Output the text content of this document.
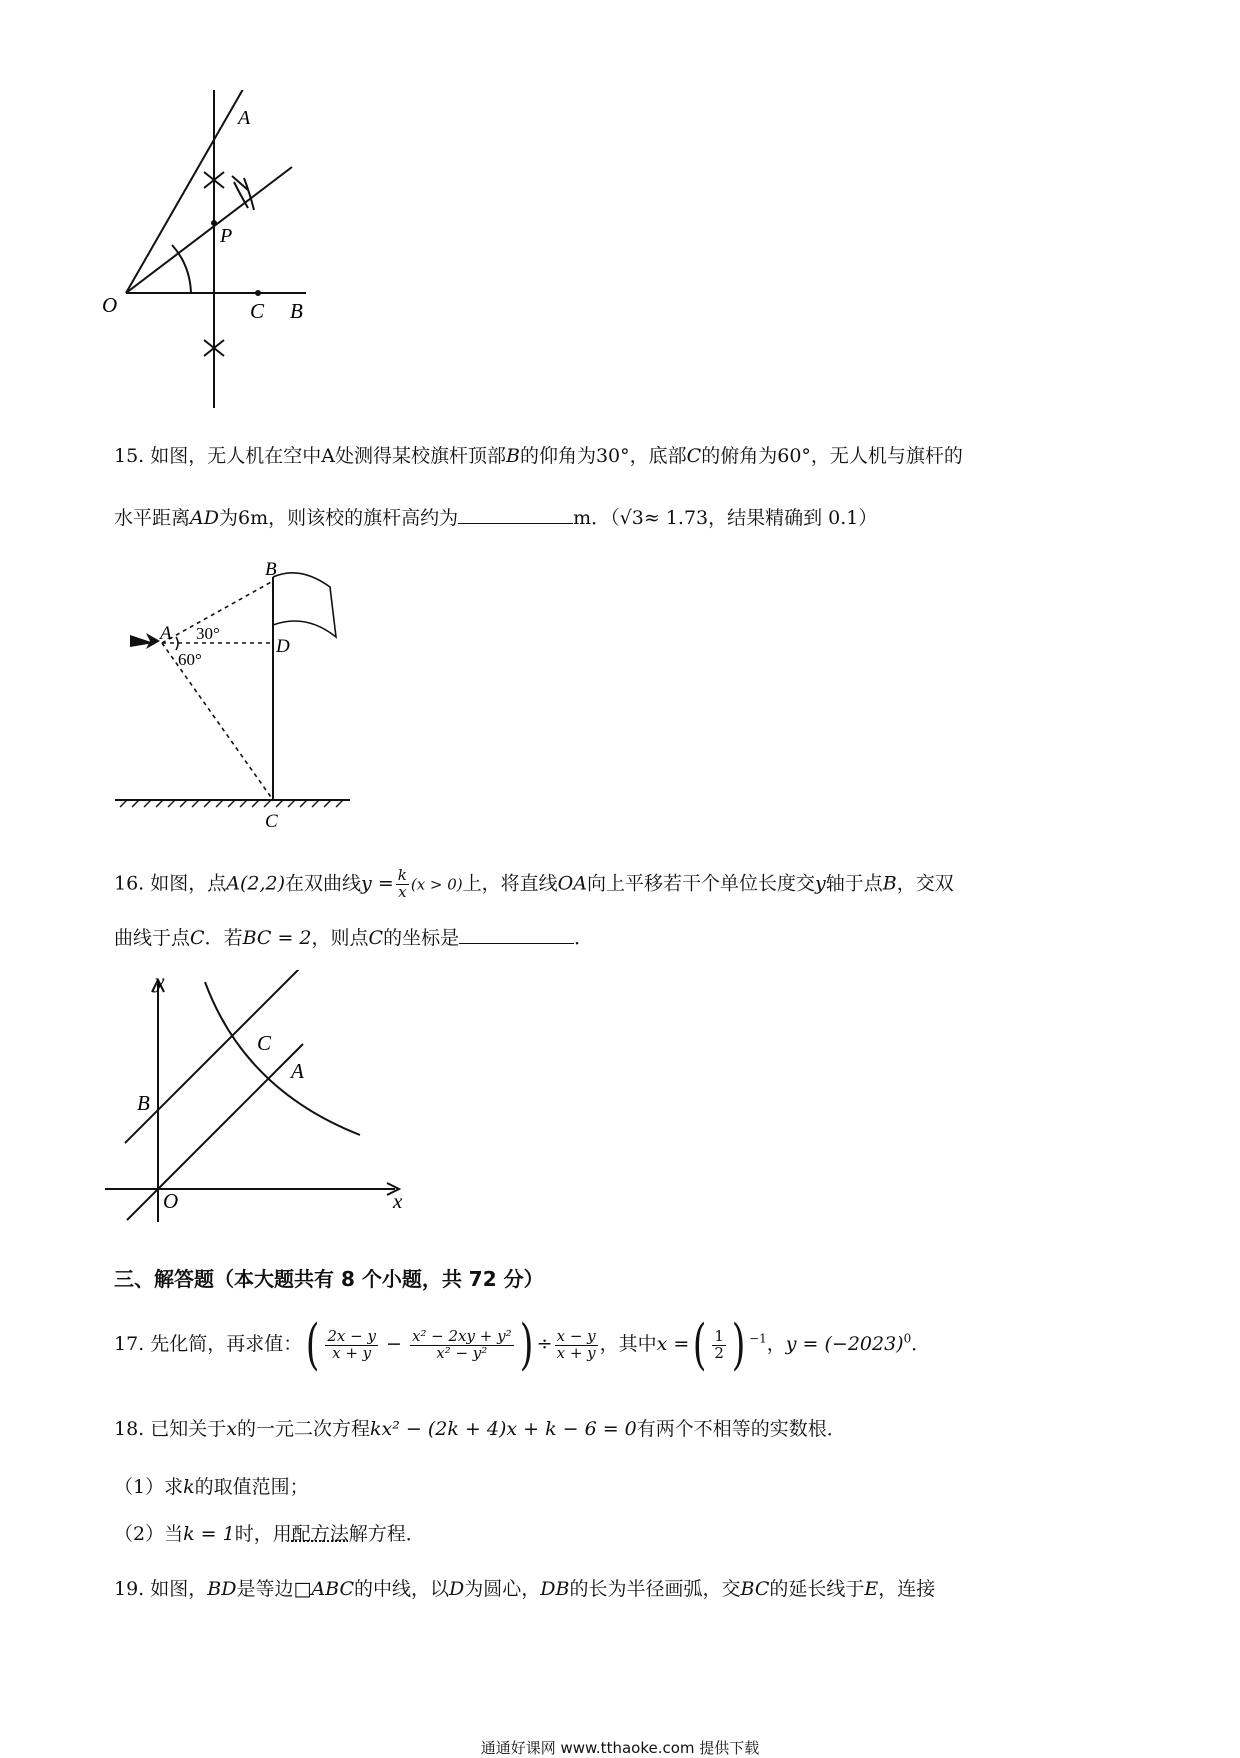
A
P
O	C B
15. 如图，无人机在空中A处测得某校旗杆顶部B的仰角为30°，底部C的俯角为60°，无人机与旗杆的
水平距离AD为6m，则该校的旗杆高约为	m．（√3≈ 1.73，结果精确到 0.1）
B
A
D
C
30°
60°
16. 如图，点A(2,2)在双曲线$y = \frac{k}{x} (x > 0)$上，将直线OA向上平移若干个单位长度交y轴于点B，交双
曲线于点C．若BC = 2，则点C的坐标是	．
y
x
O
A
B
C
三、解答题（本大题共有 8 个小题，共 72 分）
17. 先化简，再求值：( $\frac{2x - y}{x + y} - \frac{\text{x² − 2xy + y²}}{\text{x² − y²}}$ ) ÷ $\frac{x - y}{x + y}$ ，其中x =( $\frac{1}{2}$ ) $^{-1}$，$y = (-2023)^0$．
18. 已知关于x的一元二次方程kx² − (2k + 4)x + k − 6 = 0有两个不相等的实数根．
（1）求k的取值范围；
（2）当k = 1时，用配方法解方程．
19. 如图，BD是等边□ABC的中线，以D为圆心，DB的长为半径画弧，交BC的延长线于E，连接
通通好课网 www.tthaoke.com 提供下载
